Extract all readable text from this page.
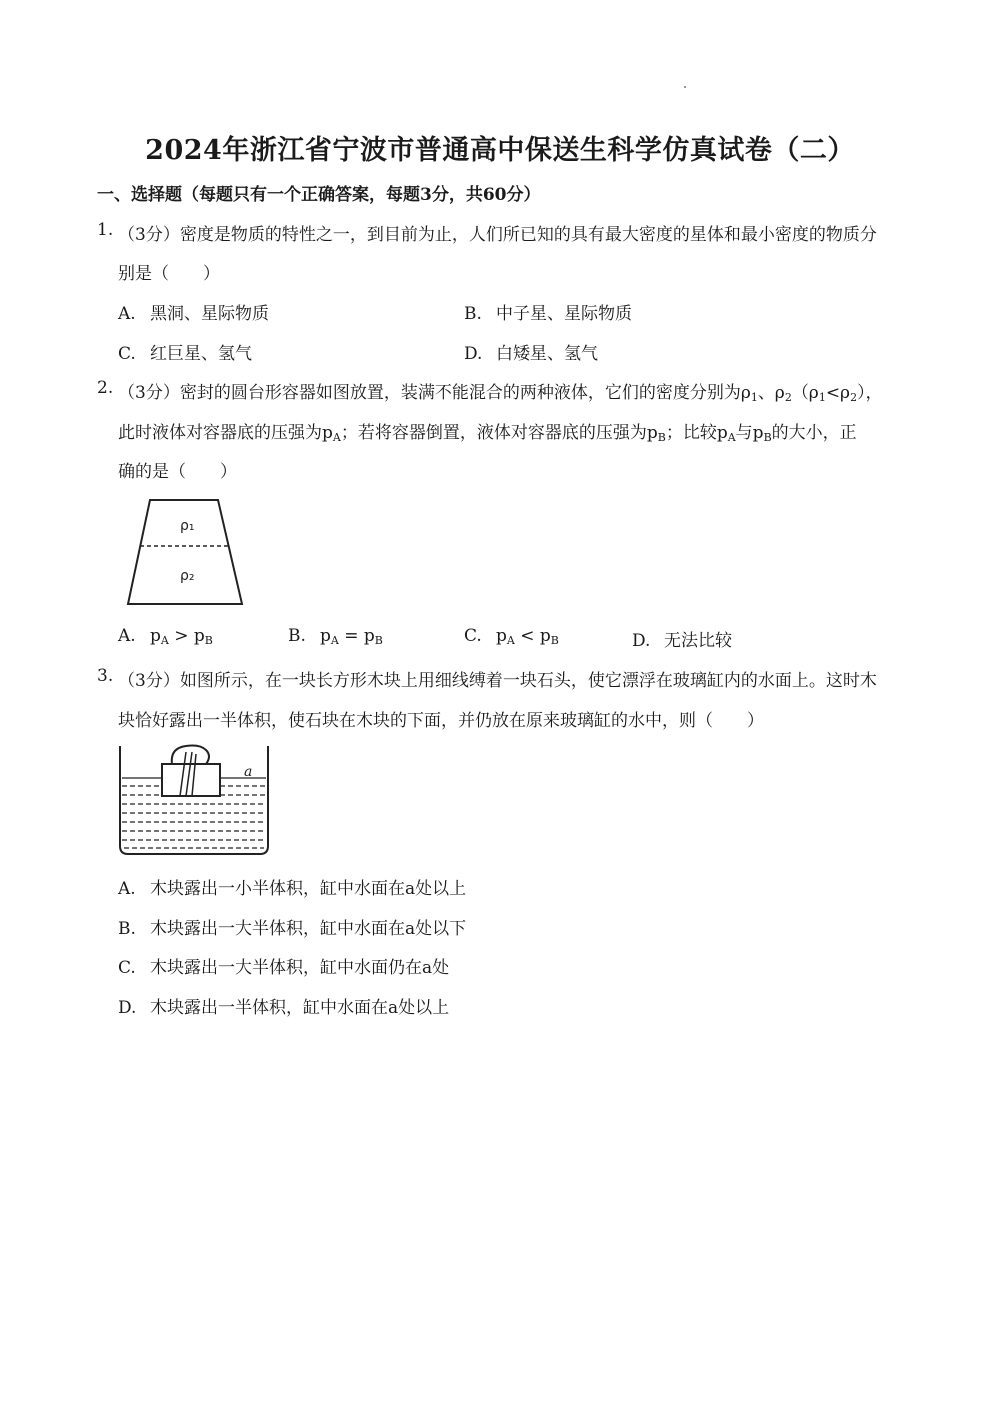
2024年浙江省宁波市普通高中保送生科学仿真试卷（二）
一、选择题（每题只有一个正确答案，每题3分，共60分）
1. （3分）密度是物质的特性之一，到目前为止，人们所已知的具有最大密度的星体和最小密度的物质分
别是（　　）
A. 黑洞、星际物质	B. 中子星、星际物质
C. 红巨星、氢气	D. 白矮星、氢气
2. （3分）密封的圆台形容器如图放置，装满不能混合的两种液体，它们的密度分别为$\rho_1$、$\rho_2(\rho_1<\rho_2)$，
此时液体对容器底的压强为$p_A$；若将容器倒置，液体对容器底的压强为$p_B$；比较$p_A$与$p_B$的大小，正
确的是（　　）
ρ₁
ρ₂
A. $p_A > p_B$	B. $p_A = p_B$	C. $p_A < p_B$	D. 无法比较
3. （3分）如图所示，在一块长方形木块上用细线缚着一块石头，使它漂浮在玻璃缸内的水面上。这时木
块恰好露出一半体积，使石块在木块的下面，并仍放在原来玻璃缸的水中，则（　　）
a
A. 木块露出一小半体积，缸中水面在a处以上
B. 木块露出一大半体积，缸中水面在a处以下
C. 木块露出一大半体积，缸中水面仍在a处
D. 木块露出一半体积，缸中水面在a处以上
